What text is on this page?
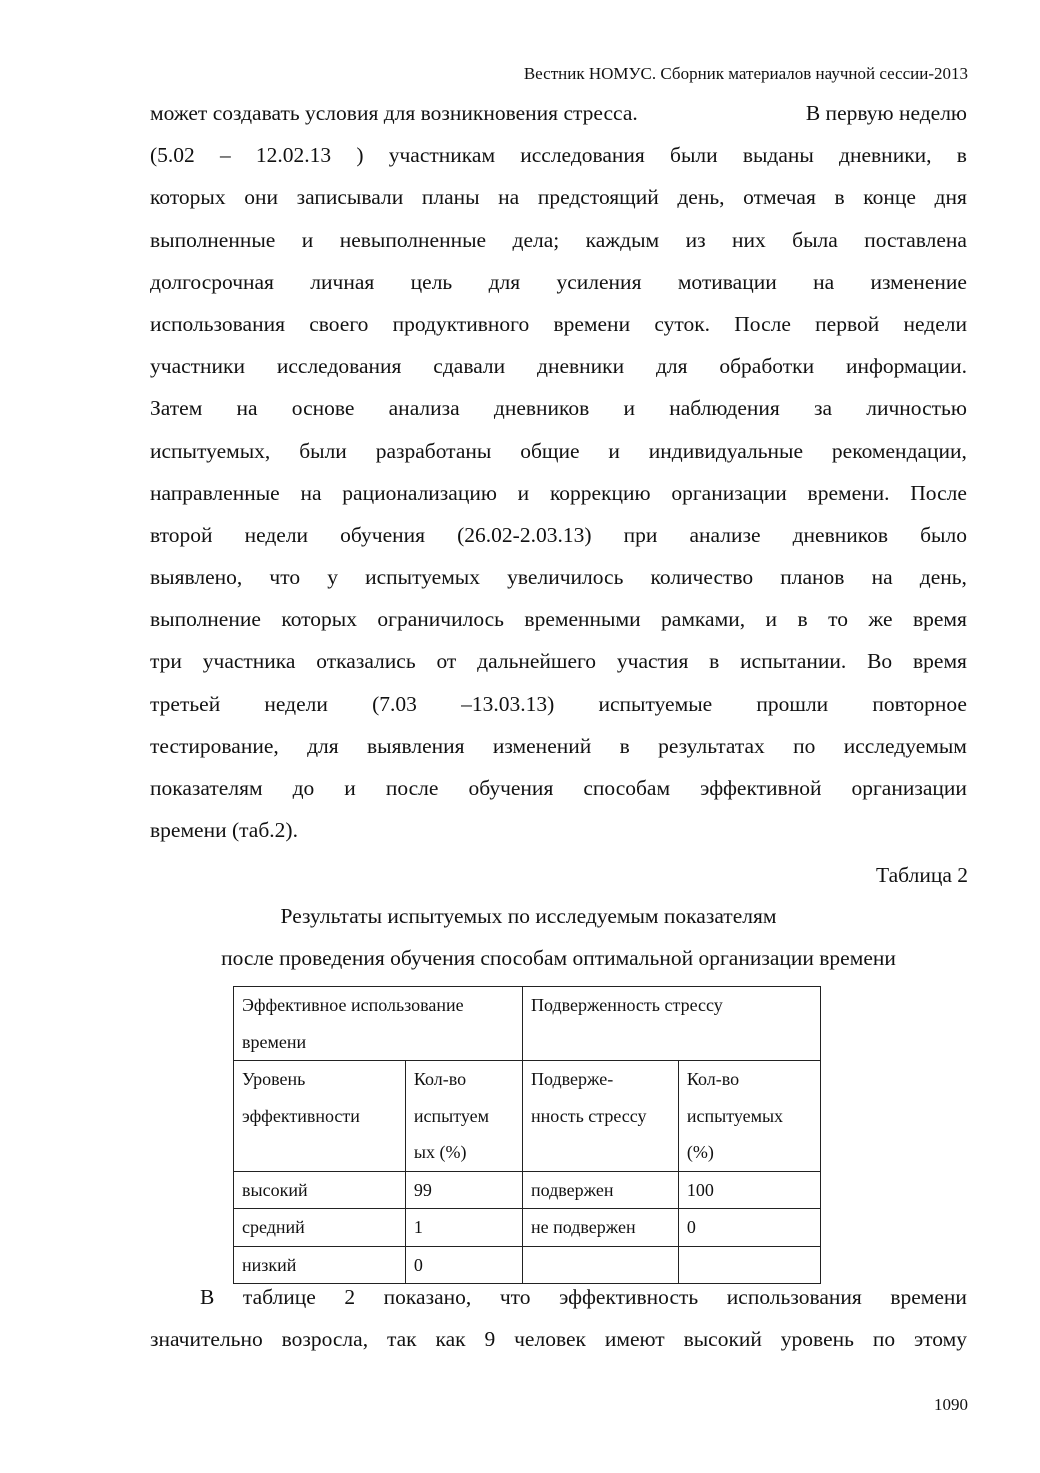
Вестник НОМУС. Сборник материалов научной сессии-2013
может создавать условия для возникновения стресса.	В первую неделю
(5.02 – 12.02.13 ) участникам исследования были выданы дневники, в
которых они записывали планы на предстоящий день, отмечая в конце дня
выполненные и невыполненные дела; каждым из них была поставлена
долгосрочная личная цель для усиления мотивации на изменение
использования своего продуктивного времени суток. После первой недели
участники исследования сдавали дневники для обработки информации.
Затем на основе анализа дневников и наблюдения за личностью
испытуемых, были разработаны общие и индивидуальные рекомендации,
направленные на рационализацию и коррекцию организации времени. После
второй недели обучения (26.02-2.03.13) при анализе дневников было
выявлено, что у испытуемых увеличилось количество планов на день,
выполнение которых ограничилось временными рамками, и в то же время
три участника отказались от дальнейшего участия в испытании. Во время
третьей недели (7.03 –13.03.13) испытуемые прошли повторное
тестирование, для выявления изменений в результатах по исследуемым
показателям до и после обучения способам эффективной организации
времени (таб.2).
Таблица 2
Результаты испытуемых по исследуемым показателям
после проведения обучения способам оптимальной организации времени
Эффективное использование времени		Подверженность стрессу	
Уровень эффективности	Кол-во испытуем ых (%)	Подверже- нность стрессу	Кол-во испытуемых (%)
высокий	99	подвержен	100
средний	1	не подвержен	0
низкий	0		
В таблице 2 показано, что эффективность использования времени
значительно возросла, так как 9 человек имеют высокий уровень по этому
1090
